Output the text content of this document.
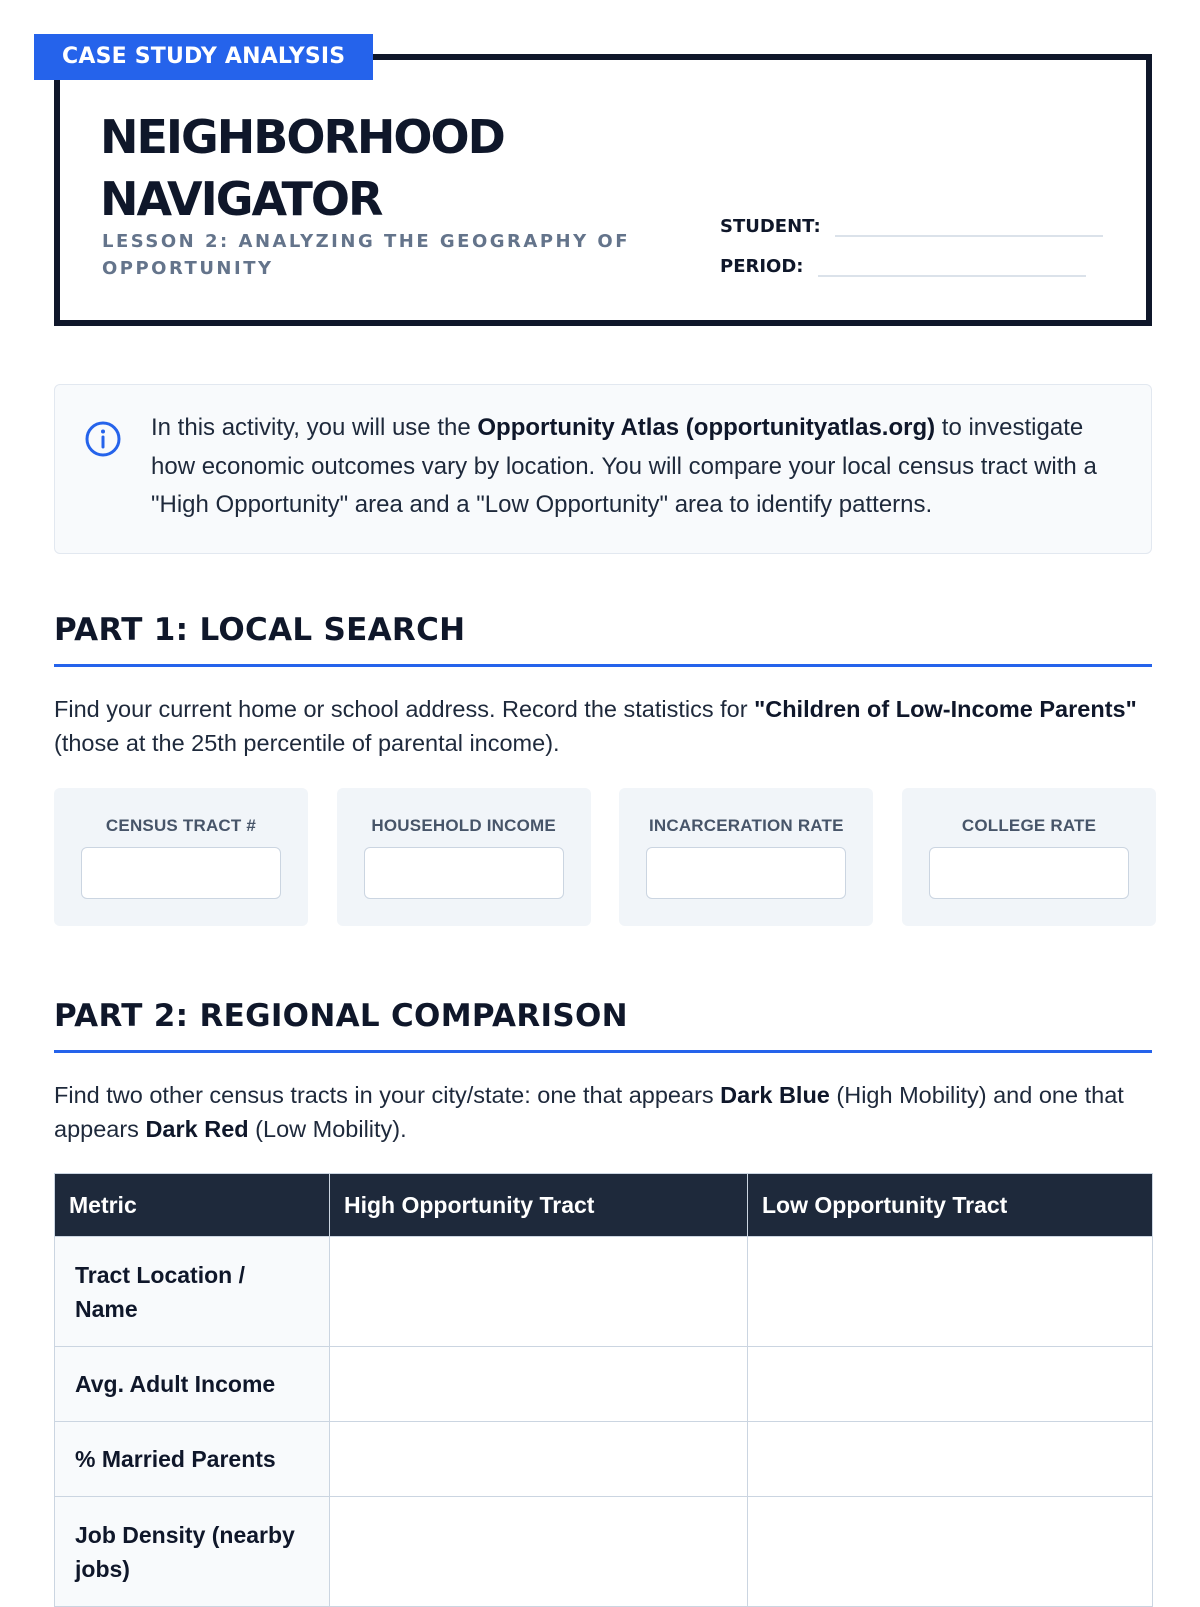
CASE STUDY ANALYSIS
NEIGHBORHOOD NAVIGATOR
LESSON 2: ANALYZING THE GEOGRAPHY OF OPPORTUNITY
STUDENT:
PERIOD:
In this activity, you will use the Opportunity Atlas (opportunityatlas.org) to investigate how economic outcomes vary by location. You will compare your local census tract with a "High Opportunity" area and a "Low Opportunity" area to identify patterns.
PART 1: LOCAL SEARCH

Find your current home or school address. Record the statistics for "Children of Low-Income Parents" (those at the 25th percentile of parental income).

CENSUS TRACT #	HOUSEHOLD INCOME	INCARCERATION RATE	COLLEGE RATE
PART 2: REGIONAL COMPARISON

Find two other census tracts in your city/state: one that appears Dark Blue (High Mobility) and one that appears Dark Red (Low Mobility).

Metric	High Opportunity Tract	Low Opportunity Tract
Tract Location / Name		
Avg. Adult Income		
% Married Parents		
Job Density (nearby jobs)		
